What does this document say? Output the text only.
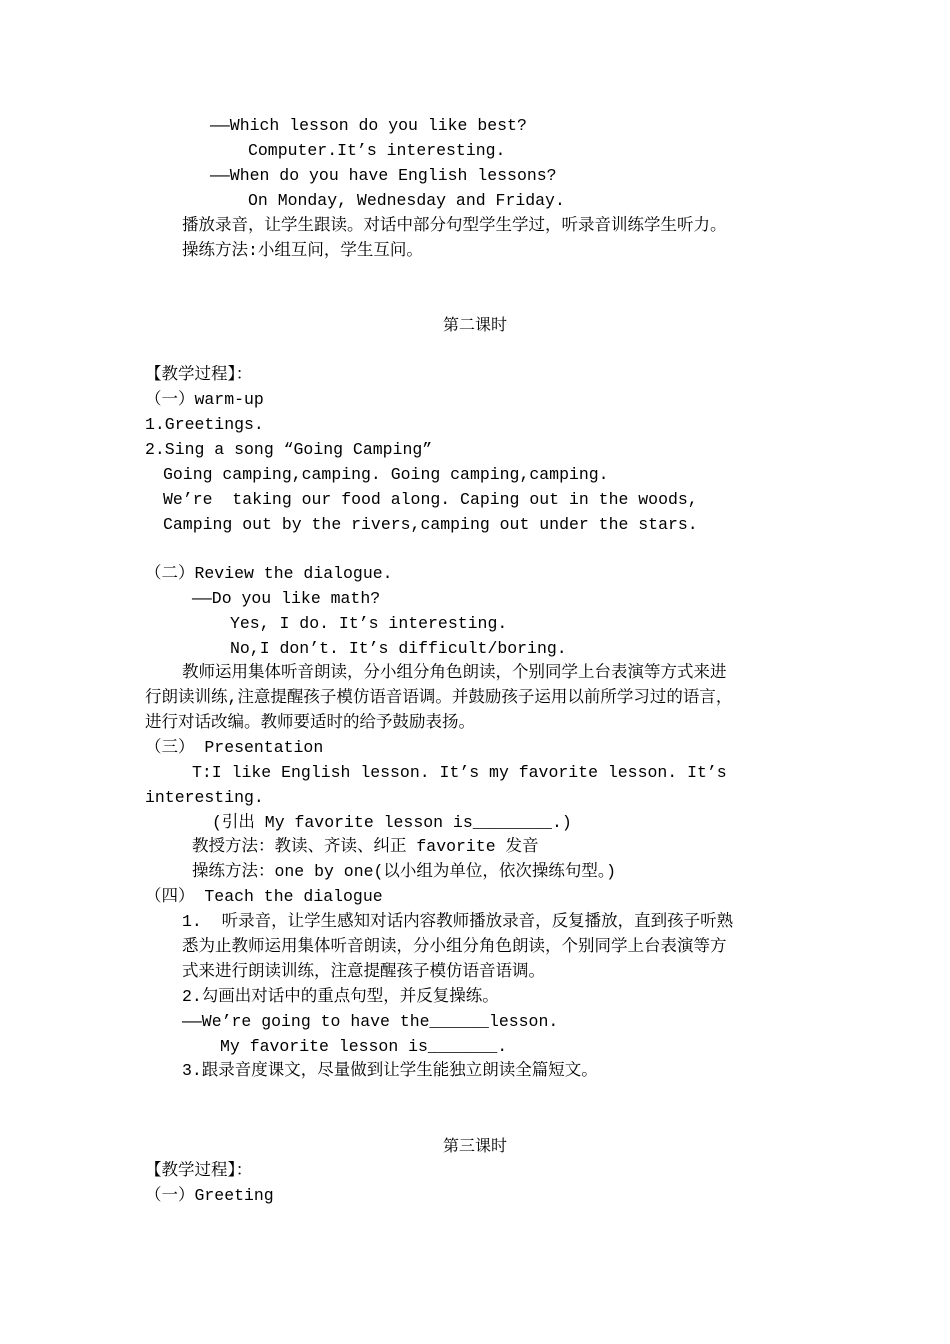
——Which lesson do you like best?
Computer.It’s interesting.
——When do you have English lessons?
On Monday, Wednesday and Friday.
播放录音，让学生跟读。对话中部分句型学生学过，听录音训练学生听力。
操练方法:小组互问，学生互问。
【教学过程】：
（一）warm-up
1.Greetings.
2.Sing a song “Going Camping”
Going camping,camping. Going camping,camping.
We’re  taking our food along. Caping out in the woods,
Camping out by the rivers,camping out under the stars.
（二）Review the dialogue.
——Do you like math?
Yes, I do. It’s interesting.
No,I don’t. It’s difficult/boring.
教师运用集体听音朗读，分小组分角色朗读，个别同学上台表演等方式来进
行朗读训练,注意提醒孩子模仿语音语调。并鼓励孩子运用以前所学习过的语言，
进行对话改编。教师要适时的给予鼓励表扬。
（三） Presentation
T:I like English lesson. It’s my favorite lesson. It’s
interesting.
(引出 My favorite lesson is________.)
教授方法：教读、齐读、纠正 favorite 发音
操练方法：one by one(以小组为单位，依次操练句型。)
（四） Teach the dialogue
1.  听录音，让学生感知对话内容教师播放录音，反复播放，直到孩子听熟
悉为止教师运用集体听音朗读，分小组分角色朗读，个别同学上台表演等方
式来进行朗读训练，注意提醒孩子模仿语音语调。
2.勾画出对话中的重点句型，并反复操练。
——We’re going to have the______lesson.
My favorite lesson is_______.
3.跟录音度课文，尽量做到让学生能独立朗读全篇短文。
【教学过程】：
（一）Greeting
第二课时
第三课时
